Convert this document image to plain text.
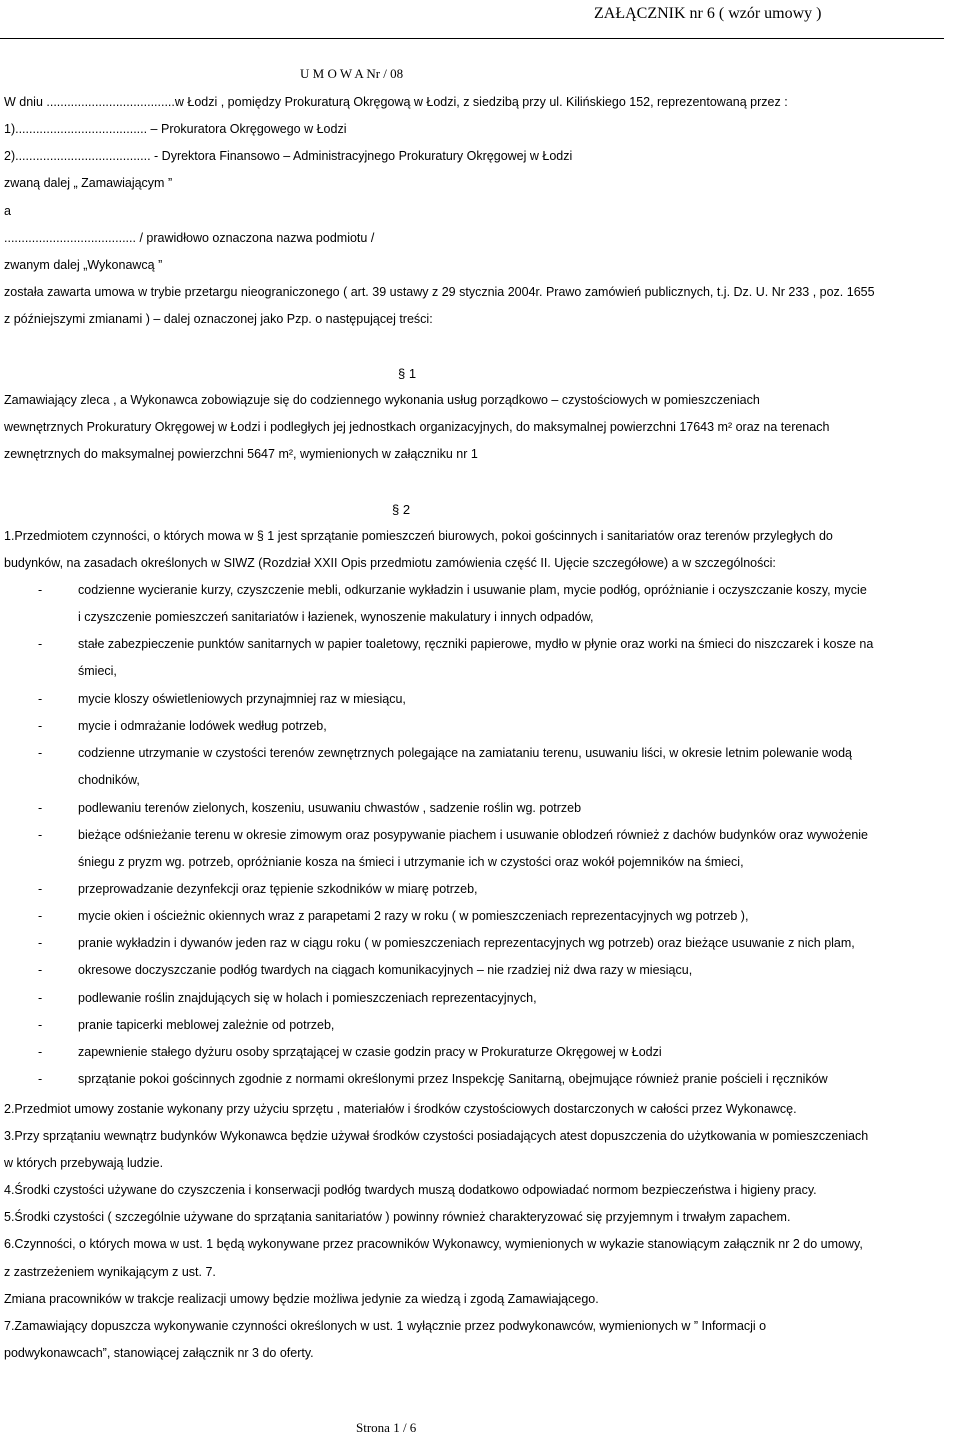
ZAŁĄCZNIK nr 6 ( wzór umowy )
U M O W A Nr / 08
W dniu .....................................w Łodzi , pomiędzy Prokuraturą Okręgową w Łodzi, z siedzibą przy ul. Kilińskiego 152, reprezentowaną przez :
1)...................................... – Prokuratora Okręgowego w Łodzi
2)....................................... - Dyrektora Finansowo – Administracyjnego Prokuratury Okręgowej w Łodzi
zwaną dalej „ Zamawiającym ”
a
...................................... / prawidłowo oznaczona nazwa podmiotu /
zwanym dalej „Wykonawcą ”
została zawarta umowa w trybie przetargu nieograniczonego ( art. 39 ustawy z 29 stycznia 2004r. Prawo zamówień publicznych, t.j. Dz. U. Nr 233 , poz. 1655
z późniejszymi zmianami ) – dalej oznaczonej jako Pzp. o następującej treści:
§ 1
Zamawiający zleca , a Wykonawca zobowiązuje się do codziennego wykonania usług porządkowo – czystościowych w pomieszczeniach
wewnętrznych Prokuratury Okręgowej w Łodzi i podległych jej jednostkach organizacyjnych, do maksymalnej powierzchni 17643 m² oraz na terenach
zewnętrznych do maksymalnej powierzchni 5647 m², wymienionych w załączniku nr 1
§ 2
1.Przedmiotem czynności, o których mowa w § 1 jest sprzątanie pomieszczeń biurowych, pokoi gościnnych i sanitariatów oraz terenów przyległych do
budynków, na zasadach określonych w SIWZ (Rozdział XXII Opis przedmiotu zamówienia część II. Ujęcie szczegółowe) a w szczególności:
-	codzienne wycieranie kurzy, czyszczenie mebli, odkurzanie wykładzin i usuwanie plam, mycie podłóg, opróżnianie i oczyszczanie koszy, mycie
i czyszczenie pomieszczeń sanitariatów i łazienek, wynoszenie makulatury i innych odpadów,
-	stałe zabezpieczenie punktów sanitarnych w papier toaletowy, ręczniki papierowe, mydło w płynie oraz worki na śmieci do niszczarek i kosze na
śmieci,
-	mycie kloszy oświetleniowych przynajmniej raz w miesiącu,
-	mycie i odmrażanie lodówek według potrzeb,
-	codzienne utrzymanie w czystości terenów zewnętrznych polegające na zamiataniu terenu, usuwaniu liści, w okresie letnim polewanie wodą
chodników,
-	podlewaniu terenów zielonych, koszeniu, usuwaniu chwastów , sadzenie roślin wg. potrzeb
-	bieżące odśnieżanie terenu w okresie zimowym oraz posypywanie piachem i usuwanie oblodzeń również z dachów budynków oraz wywożenie
śniegu z pryzm wg. potrzeb, opróżnianie kosza na śmieci i utrzymanie ich w czystości oraz wokół pojemników na śmieci,
-	przeprowadzanie dezynfekcji oraz tępienie szkodników w miarę potrzeb,
-	mycie okien i ościeżnic okiennych wraz z parapetami 2 razy w roku ( w pomieszczeniach reprezentacyjnych wg potrzeb ),
-	pranie wykładzin i dywanów jeden raz w ciągu roku ( w pomieszczeniach reprezentacyjnych wg potrzeb) oraz bieżące usuwanie z nich plam,
-	okresowe doczyszczanie podłóg twardych na ciągach komunikacyjnych – nie rzadziej niż dwa razy w miesiącu,
-	podlewanie roślin znajdujących się w holach i pomieszczeniach reprezentacyjnych,
-	pranie tapicerki meblowej zależnie od potrzeb,
-	zapewnienie stałego dyżuru osoby sprzątającej w czasie godzin pracy w Prokuraturze Okręgowej w Łodzi
-	sprzątanie pokoi gościnnych zgodnie z normami określonymi przez Inspekcję Sanitarną, obejmujące również pranie pościeli i ręczników
2.Przedmiot umowy zostanie wykonany przy użyciu sprzętu , materiałów i środków czystościowych dostarczonych w całości przez Wykonawcę.
3.Przy sprzątaniu wewnątrz budynków Wykonawca będzie używał środków czystości posiadających atest dopuszczenia do użytkowania w pomieszczeniach
w których przebywają ludzie.
4.Środki czystości używane do czyszczenia i konserwacji podłóg twardych muszą dodatkowo odpowiadać normom bezpieczeństwa i higieny pracy.
5.Środki czystości ( szczególnie używane do sprzątania sanitariatów ) powinny również charakteryzować się przyjemnym i trwałym zapachem.
6.Czynności, o których mowa w ust. 1 będą wykonywane przez pracowników Wykonawcy, wymienionych w wykazie stanowiącym załącznik nr 2 do umowy,
z zastrzeżeniem wynikającym z ust. 7.
Zmiana pracowników w trakcje realizacji umowy będzie możliwa jedynie za wiedzą i zgodą Zamawiającego.
7.Zamawiający dopuszcza wykonywanie czynności określonych w ust. 1 wyłącznie przez podwykonawców, wymienionych w ” Informacji o
podwykonawcach”, stanowiącej załącznik nr 3 do oferty.
Strona 1 / 6
